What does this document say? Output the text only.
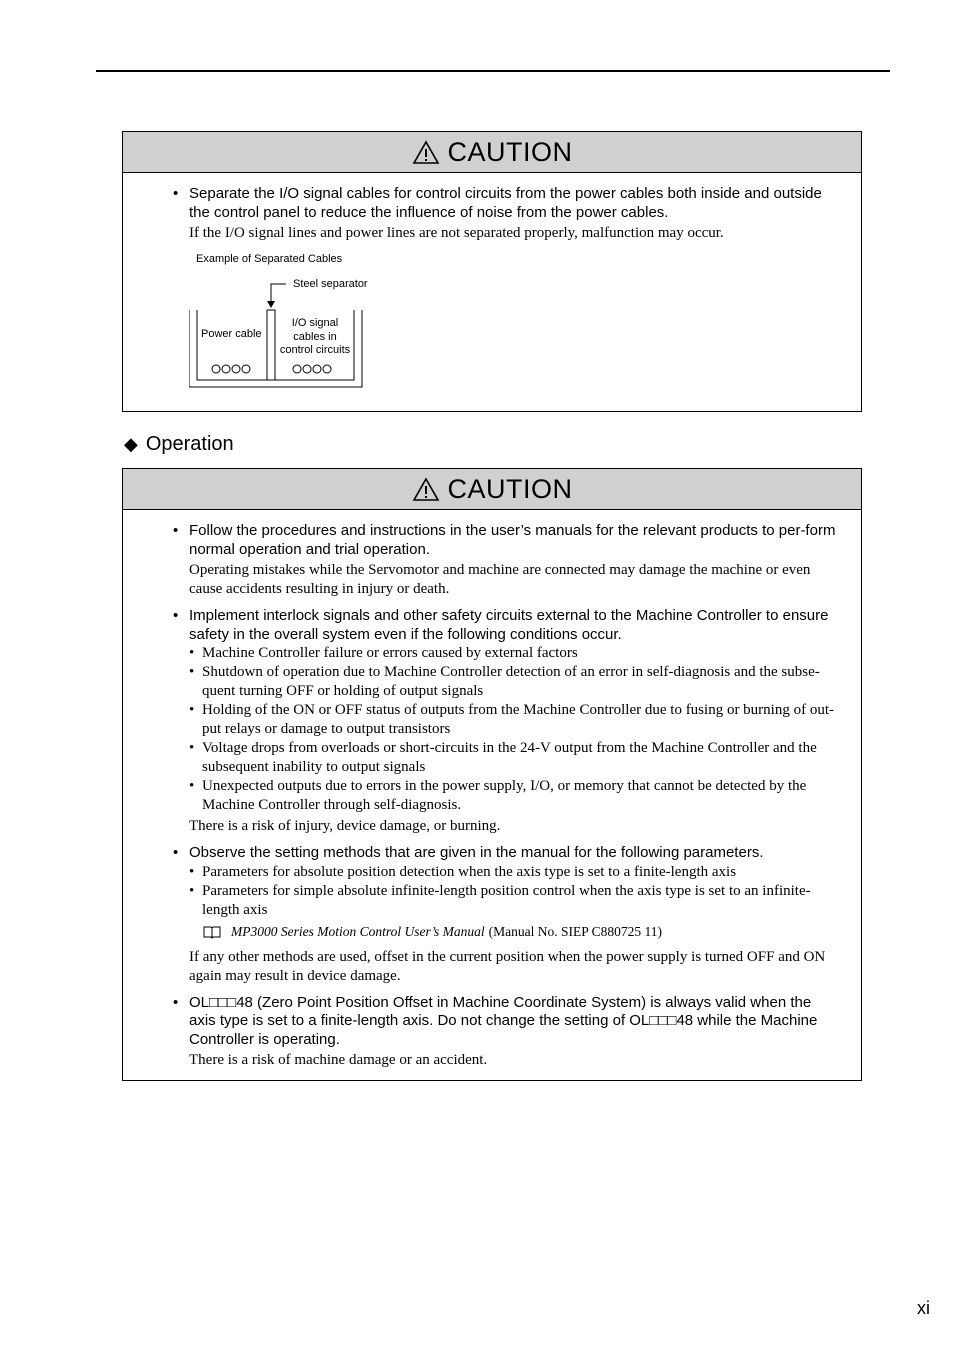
CAUTION
• Separate the I/O signal cables for control circuits from the power cables both inside and outside the control panel to reduce the influence of noise from the power cables.
If the I/O signal lines and power lines are not separated properly, malfunction may occur.
Example of Separated Cables
Steel separator
Power cable
I/O signal
cables in
control circuits
◆ Operation
CAUTION
• Follow the procedures and instructions in the user’s manuals for the relevant products to per-form normal operation and trial operation.
Operating mistakes while the Servomotor and machine are connected may damage the machine or even cause accidents resulting in injury or death.
• Implement interlock signals and other safety circuits external to the Machine Controller to ensure safety in the overall system even if the following conditions occur.
• Machine Controller failure or errors caused by external factors
• Shutdown of operation due to Machine Controller detection of an error in self-diagnosis and the subse-quent turning OFF or holding of output signals
• Holding of the ON or OFF status of outputs from the Machine Controller due to fusing or burning of out-put relays or damage to output transistors
• Voltage drops from overloads or short-circuits in the 24-V output from the Machine Controller and the subsequent inability to output signals
• Unexpected outputs due to errors in the power supply, I/O, or memory that cannot be detected by the Machine Controller through self-diagnosis.
There is a risk of injury, device damage, or burning.
• Observe the setting methods that are given in the manual for the following parameters.
• Parameters for absolute position detection when the axis type is set to a finite-length axis
• Parameters for simple absolute infinite-length position control when the axis type is set to an infinite-length axis
MP3000 Series Motion Control User’s Manual (Manual No. SIEP C880725 11)
If any other methods are used, offset in the current position when the power supply is turned OFF and ON again may result in device damage.
• OL□□□48 (Zero Point Position Offset in Machine Coordinate System) is always valid when the axis type is set to a finite-length axis. Do not change the setting of OL□□□48 while the Machine Controller is operating.
There is a risk of machine damage or an accident.
xi
